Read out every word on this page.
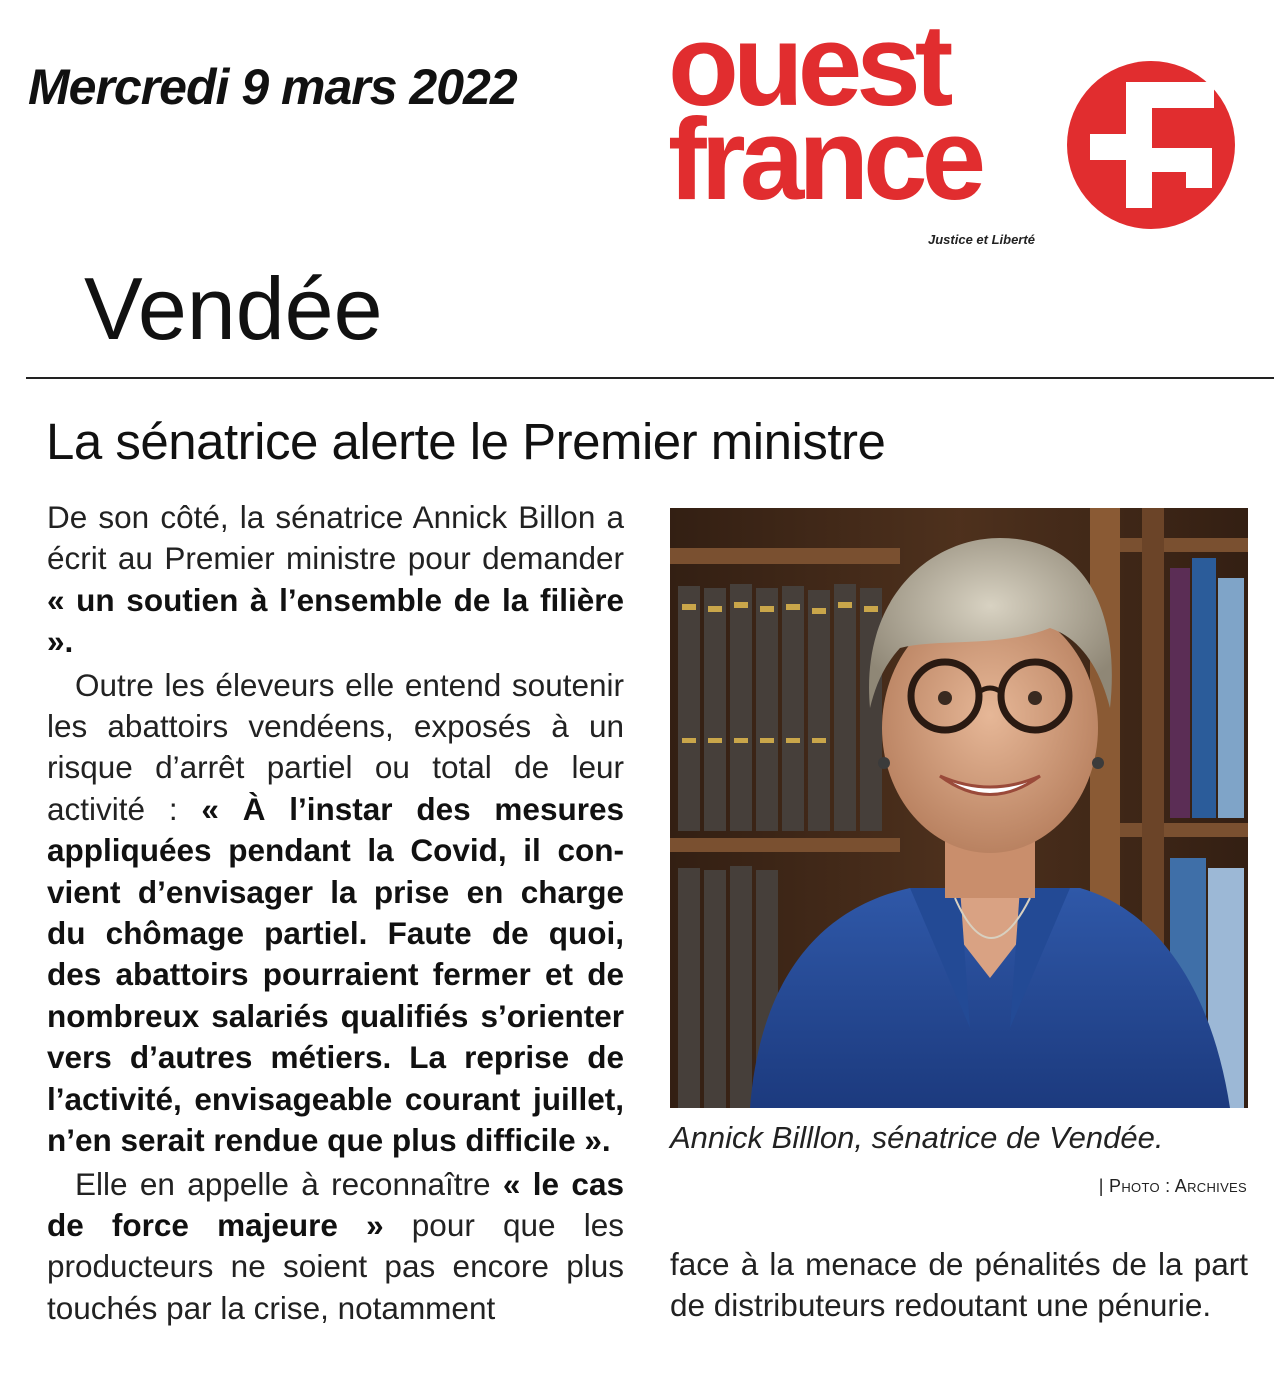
Mercredi 9 mars 2022 ouest
france
Justice et Liberté
Vendée
La sénatrice alerte le Premier ministre

De son côté, la sénatrice Annick Billon a écrit au Premier ministre pour demander « un soutien à l’ensemble de la filière ».

Outre les éleveurs elle entend soutenir les abattoirs vendéens, exposés à un risque d’arrêt partiel ou total de leur activité : « À l’instar des mesures appliquées pendant la Covid, il convient d’envisager la prise en charge du chômage partiel. Faute de quoi, des abattoirs pourraient fermer et de nombreux salariés qualifiés s’orienter vers d’autres métiers. La reprise de l’activité, envisageable courant juillet, n’en serait rendue que plus difficile ».

Elle en appelle à reconnaître « le cas de force majeure » pour que les producteurs ne soient pas encore plus touchés par la crise, notamment

Annick Billlon, sénatrice de Vendée.
| Photo : Archives

face à la menace de pénalités de la part de distributeurs redoutant une pénurie.
